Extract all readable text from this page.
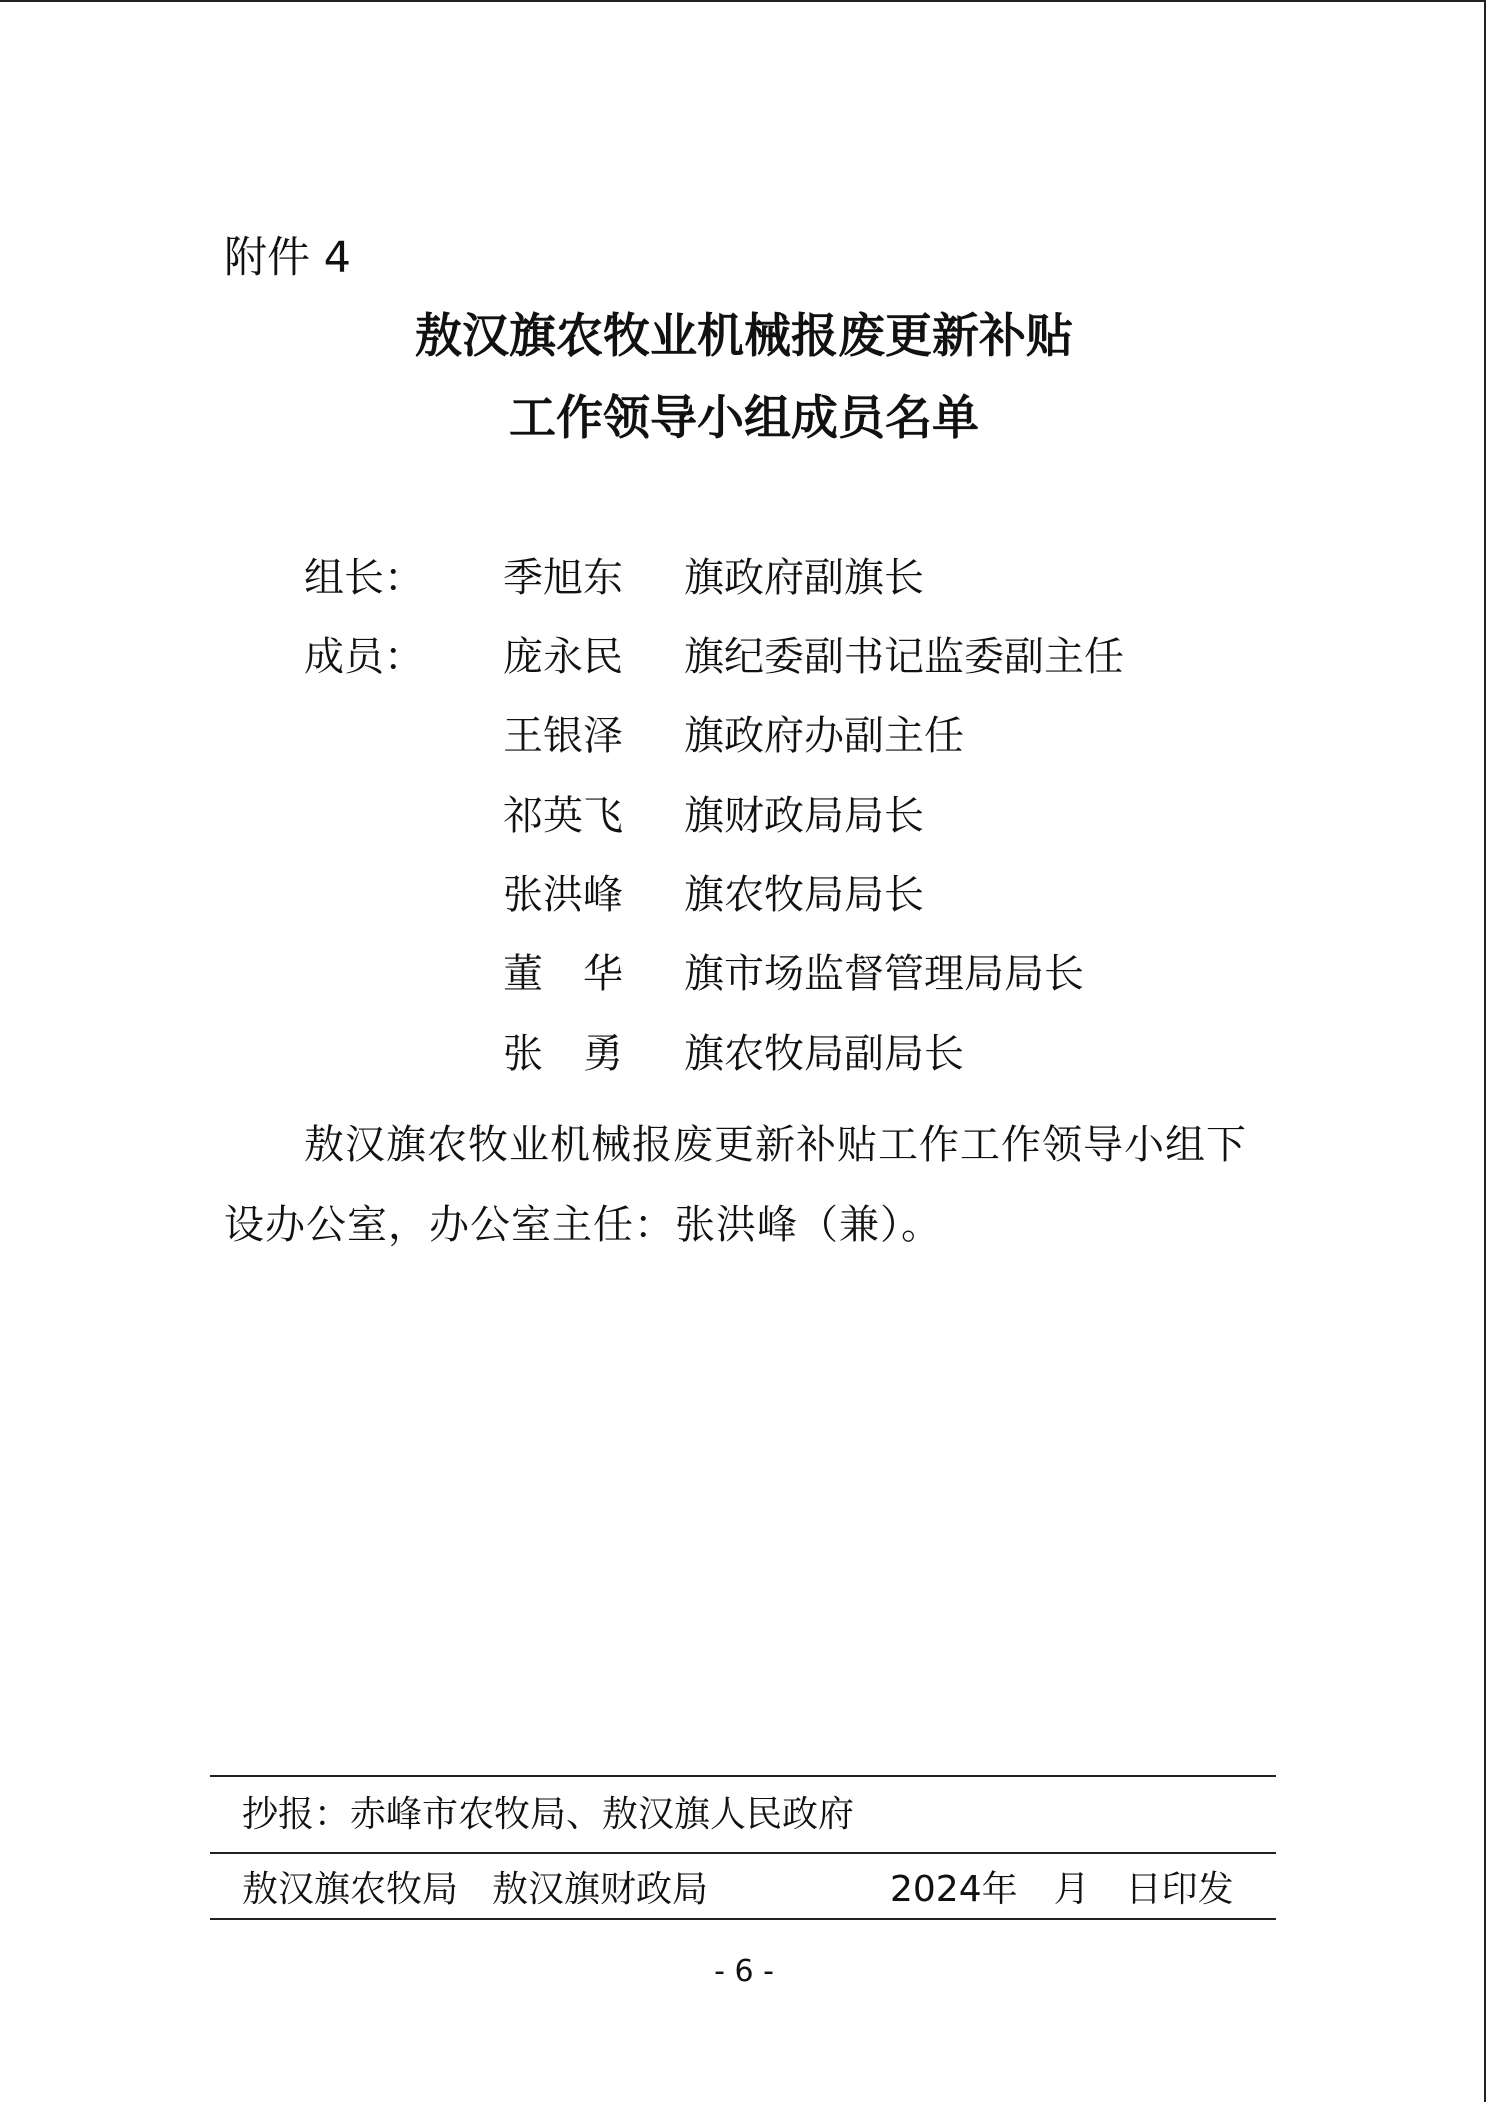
附件 4
敖汉旗农牧业机械报废更新补贴
工作领导小组成员名单
组长： 季旭东 旗政府副旗长
成员： 庞永民 旗纪委副书记监委副主任
王银泽 旗政府办副主任
祁英飞 旗财政局局长
张洪峰 旗农牧局局长
董　华 旗市场监督管理局局长
张　勇 旗农牧局副局长
敖汉旗农牧业机械报废更新补贴工作工作领导小组下设办公室，办公室主任：张洪峰（兼）。
抄报：赤峰市农牧局、敖汉旗人民政府
敖汉旗农牧局 敖汉旗财政局	2024年　月　日印发
- 6 -
